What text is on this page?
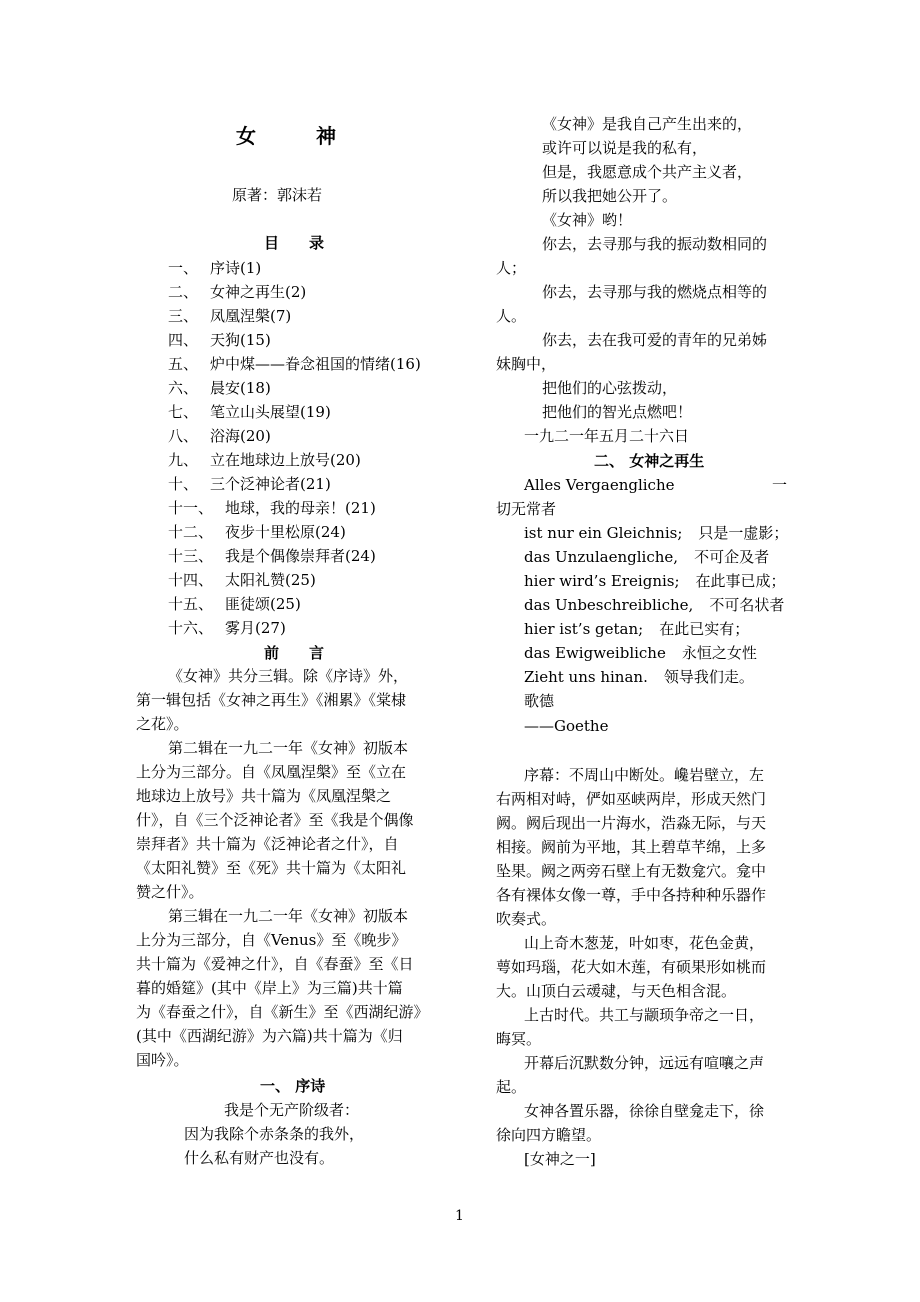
女	神
原著：郭沫若
目 录
一、 序诗(1)
二、 女神之再生(2)
三、 凤凰涅槃(7)
四、 天狗(15)
五、 炉中煤——眷念祖国的情绪(16)
六、 晨安(18)
七、 笔立山头展望(19)
八、 浴海(20)
九、 立在地球边上放号(20)
十、 三个泛神论者(21)
十一、 地球，我的母亲！(21)
十二、 夜步十里松原(24)
十三、 我是个偶像崇拜者(24)
十四、 太阳礼赞(25)
十五、 匪徒颂(25)
十六、 雾月(27)
前 言
《女神》共分三辑。除《序诗》外，
第一辑包括《女神之再生》《湘累》《棠棣
之花》。
第二辑在一九二一年《女神》初版本
上分为三部分。自《凤凰涅槃》至《立在
地球边上放号》共十篇为《凤凰涅槃之
什》，自《三个泛神论者》至《我是个偶像
崇拜者》共十篇为《泛神论者之什》，自
《太阳礼赞》至《死》共十篇为《太阳礼
赞之什》。
第三辑在一九二一年《女神》初版本
上分为三部分，自《Venus》至《晚步》
共十篇为《爱神之什》，自《春蚕》至《日
暮的婚筵》(其中《岸上》为三篇)共十篇
为《春蚕之什》，自《新生》至《西湖纪游》
(其中《西湖纪游》为六篇)共十篇为《归
国吟》。
一、 序诗
我是个无产阶级者：
因为我除个赤条条的我外，
什么私有财产也没有。
《女神》是我自己产生出来的，
或许可以说是我的私有，
但是，我愿意成个共产主义者，
所以我把她公开了。
《女神》哟！
你去，去寻那与我的振动数相同的
人；
你去，去寻那与我的燃烧点相等的
人。
你去，去在我可爱的青年的兄弟姊
妹胸中，
把他们的心弦拨动，
把他们的智光点燃吧！
一九二一年五月二十六日
二、 女神之再生
Alles Vergaengliche	一
切无常者
ist nur ein Gleichnis; 只是一虚影；
das Unzulaengliche, 不可企及者
hier wird’s Ereignis; 在此事已成；
das Unbeschreibliche, 不可名状者
hier ist’s getan; 在此已实有；
das Ewigweibliche 永恒之女性
Zieht uns hinan. 领导我们走。
歌德
——Goethe
序幕：不周山中断处。巉岩壁立，左
右两相对峙，俨如巫峡两岸，形成天然门
阙。阙后现出一片海水，浩淼无际，与天
相接。阙前为平地，其上碧草芊绵，上多
坠果。阙之两旁石壁上有无数龛穴。龛中
各有裸体女像一尊，手中各持种种乐器作
吹奏式。
山上奇木葱茏，叶如枣，花色金黄，
萼如玛瑙，花大如木莲，有硕果形如桃而
大。山顶白云叆叇，与天色相含混。
上古时代。共工与颛顼争帝之一日，
晦冥。
开幕后沉默数分钟，远远有喧嚷之声
起。
女神各置乐器，徐徐自壁龛走下，徐
徐向四方瞻望。
[女神之一]
1
